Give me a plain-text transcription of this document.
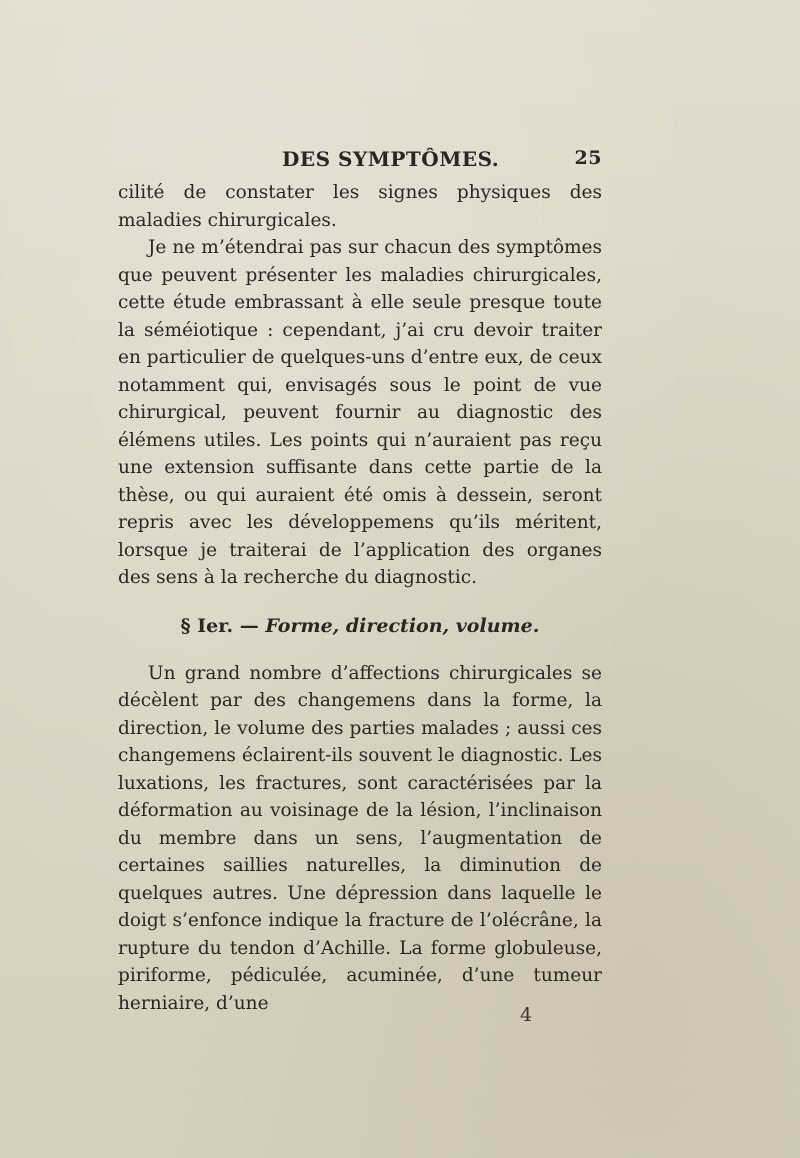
DES SYMPTÔMES.	25

cilité de constater les signes physiques des maladies chirurgicales.

Je ne m’étendrai pas sur chacun des symptômes que peuvent présenter les maladies chirurgicales, cette étude embrassant à elle seule presque toute la séméiotique : cependant, j’ai cru devoir traiter en particulier de quelques-uns d’entre eux, de ceux notamment qui, envisagés sous le point de vue chirurgical, peuvent fournir au diagnostic des élémens utiles. Les points qui n’auraient pas reçu une extension suffisante dans cette partie de la thèse, ou qui auraient été omis à dessein, seront repris avec les développemens qu’ils méritent, lorsque je traiterai de l’application des organes des sens à la recherche du diagnostic.

§ Ier. — Forme, direction, volume.

Un grand nombre d’affections chirurgicales se décèlent par des changemens dans la forme, la direction, le volume des parties malades ; aussi ces changemens éclairent-ils souvent le diagnostic. Les luxations, les fractures, sont caractérisées par la déformation au voisinage de la lésion, l’inclinaison du membre dans un sens, l’augmentation de certaines saillies naturelles, la diminution de quelques autres. Une dépression dans laquelle le doigt s’enfonce indique la fracture de l’olécrâne, la rupture du tendon d’Achille. La forme globuleuse, piriforme, pédiculée, acuminée, d’une tumeur herniaire, d’une

4
